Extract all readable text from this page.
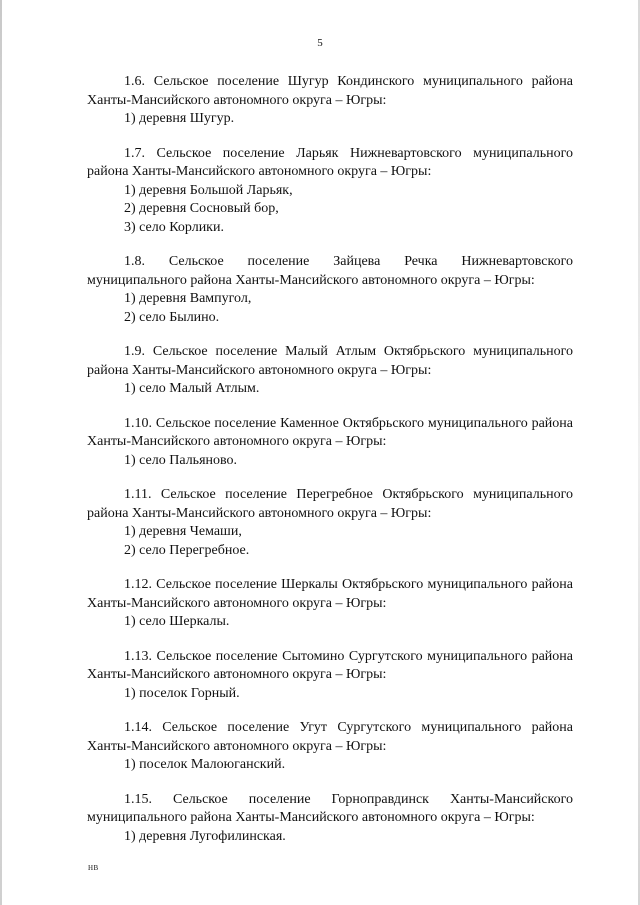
5
1.6. Сельское поселение Шугур Кондинского муниципального района Ханты-Мансийского автономного округа – Югры:
1) деревня Шугур.
1.7. Сельское поселение Ларьяк Нижневартовского муниципального района Ханты-Мансийского автономного округа – Югры:
1) деревня Большой Ларьяк,
2) деревня Сосновый бор,
3) село Корлики.
1.8. Сельское поселение Зайцева Речка Нижневартовского муниципального района Ханты-Мансийского автономного округа – Югры:
1) деревня Вампугол,
2) село Былино.
1.9. Сельское поселение Малый Атлым Октябрьского муниципального района Ханты-Мансийского автономного округа – Югры:
1) село Малый Атлым.
1.10. Сельское поселение Каменное Октябрьского муниципального района Ханты-Мансийского автономного округа – Югры:
1) село Пальяново.
1.11. Сельское поселение Перегребное Октябрьского муниципального района Ханты-Мансийского автономного округа – Югры:
1) деревня Чемаши,
2) село Перегребное.
1.12. Сельское поселение Шеркалы Октябрьского муниципального района Ханты-Мансийского автономного округа – Югры:
1) село Шеркалы.
1.13. Сельское поселение Сытомино Сургутского муниципального района Ханты-Мансийского автономного округа – Югры:
1) поселок Горный.
1.14. Сельское поселение Угут Сургутского муниципального района Ханты-Мансийского автономного округа – Югры:
1) поселок Малоюганский.
1.15. Сельское поселение Горноправдинск Ханты-Мансийского муниципального района Ханты-Мансийского автономного округа – Югры:
1) деревня Лугофилинская.
НВ
